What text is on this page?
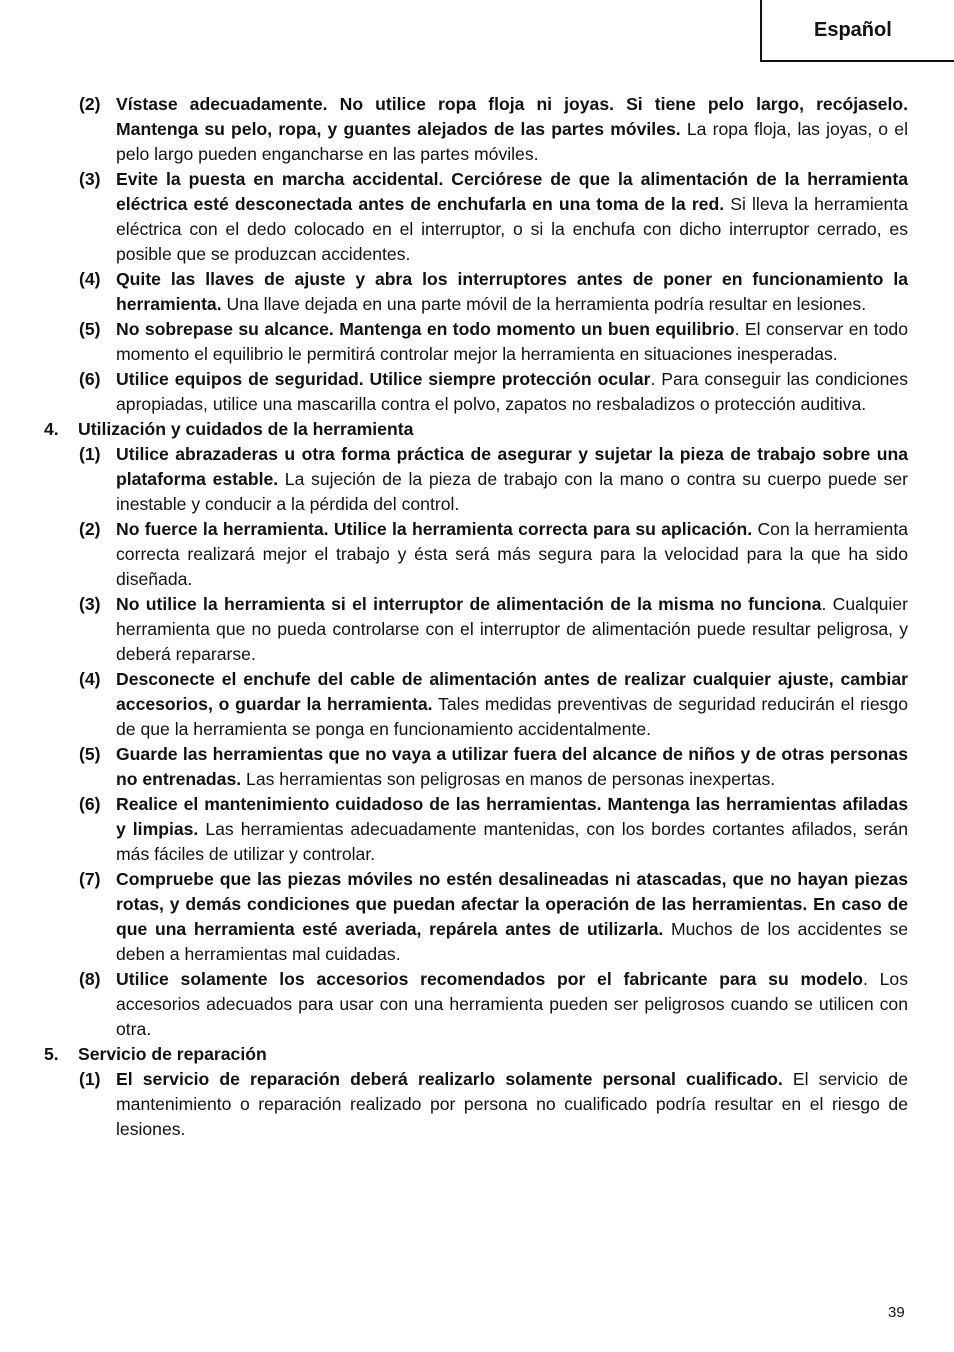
Español
(2) Vístase adecuadamente. No utilice ropa floja ni joyas. Si tiene pelo largo, recójaselo. Mantenga su pelo, ropa, y guantes alejados de las partes móviles. La ropa floja, las joyas, o el pelo largo pueden engancharse en las partes móviles.
(3) Evite la puesta en marcha accidental. Cerciórese de que la alimentación de la herramienta eléctrica esté desconectada antes de enchufarla en una toma de la red. Si lleva la herramienta eléctrica con el dedo colocado en el interruptor, o si la enchufa con dicho interruptor cerrado, es posible que se produzcan accidentes.
(4) Quite las llaves de ajuste y abra los interruptores antes de poner en funcionamiento la herramienta. Una llave dejada en una parte móvil de la herramienta podría resultar en lesiones.
(5) No sobrepase su alcance. Mantenga en todo momento un buen equilibrio. El conservar en todo momento el equilibrio le permitirá controlar mejor la herramienta en situaciones inesperadas.
(6) Utilice equipos de seguridad. Utilice siempre protección ocular. Para conseguir las condiciones apropiadas, utilice una mascarilla contra el polvo, zapatos no resbaladizos o protección auditiva.
4. Utilización y cuidados de la herramienta
(1) Utilice abrazaderas u otra forma práctica de asegurar y sujetar la pieza de trabajo sobre una plataforma estable. La sujeción de la pieza de trabajo con la mano o contra su cuerpo puede ser inestable y conducir a la pérdida del control.
(2) No fuerce la herramienta. Utilice la herramienta correcta para su aplicación. Con la herramienta correcta realizará mejor el trabajo y ésta será más segura para la velocidad para la que ha sido diseñada.
(3) No utilice la herramienta si el interruptor de alimentación de la misma no funciona. Cualquier herramienta que no pueda controlarse con el interruptor de alimentación puede resultar peligrosa, y deberá repararse.
(4) Desconecte el enchufe del cable de alimentación antes de realizar cualquier ajuste, cambiar accesorios, o guardar la herramienta. Tales medidas preventivas de seguridad reducirán el riesgo de que la herramienta se ponga en funcionamiento accidentalmente.
(5) Guarde las herramientas que no vaya a utilizar fuera del alcance de niños y de otras personas no entrenadas. Las herramientas son peligrosas en manos de personas inexpertas.
(6) Realice el mantenimiento cuidadoso de las herramientas. Mantenga las herramientas afiladas y limpias. Las herramientas adecuadamente mantenidas, con los bordes cortantes afilados, serán más fáciles de utilizar y controlar.
(7) Compruebe que las piezas móviles no estén desalineadas ni atascadas, que no hayan piezas rotas, y demás condiciones que puedan afectar la operación de las herramientas. En caso de que una herramienta esté averiada, repárela antes de utilizarla. Muchos de los accidentes se deben a herramientas mal cuidadas.
(8) Utilice solamente los accesorios recomendados por el fabricante para su modelo. Los accesorios adecuados para usar con una herramienta pueden ser peligrosos cuando se utilicen con otra.
5. Servicio de reparación
(1) El servicio de reparación deberá realizarlo solamente personal cualificado. El servicio de mantenimiento o reparación realizado por persona no cualificado podría resultar en el riesgo de lesiones.
39
